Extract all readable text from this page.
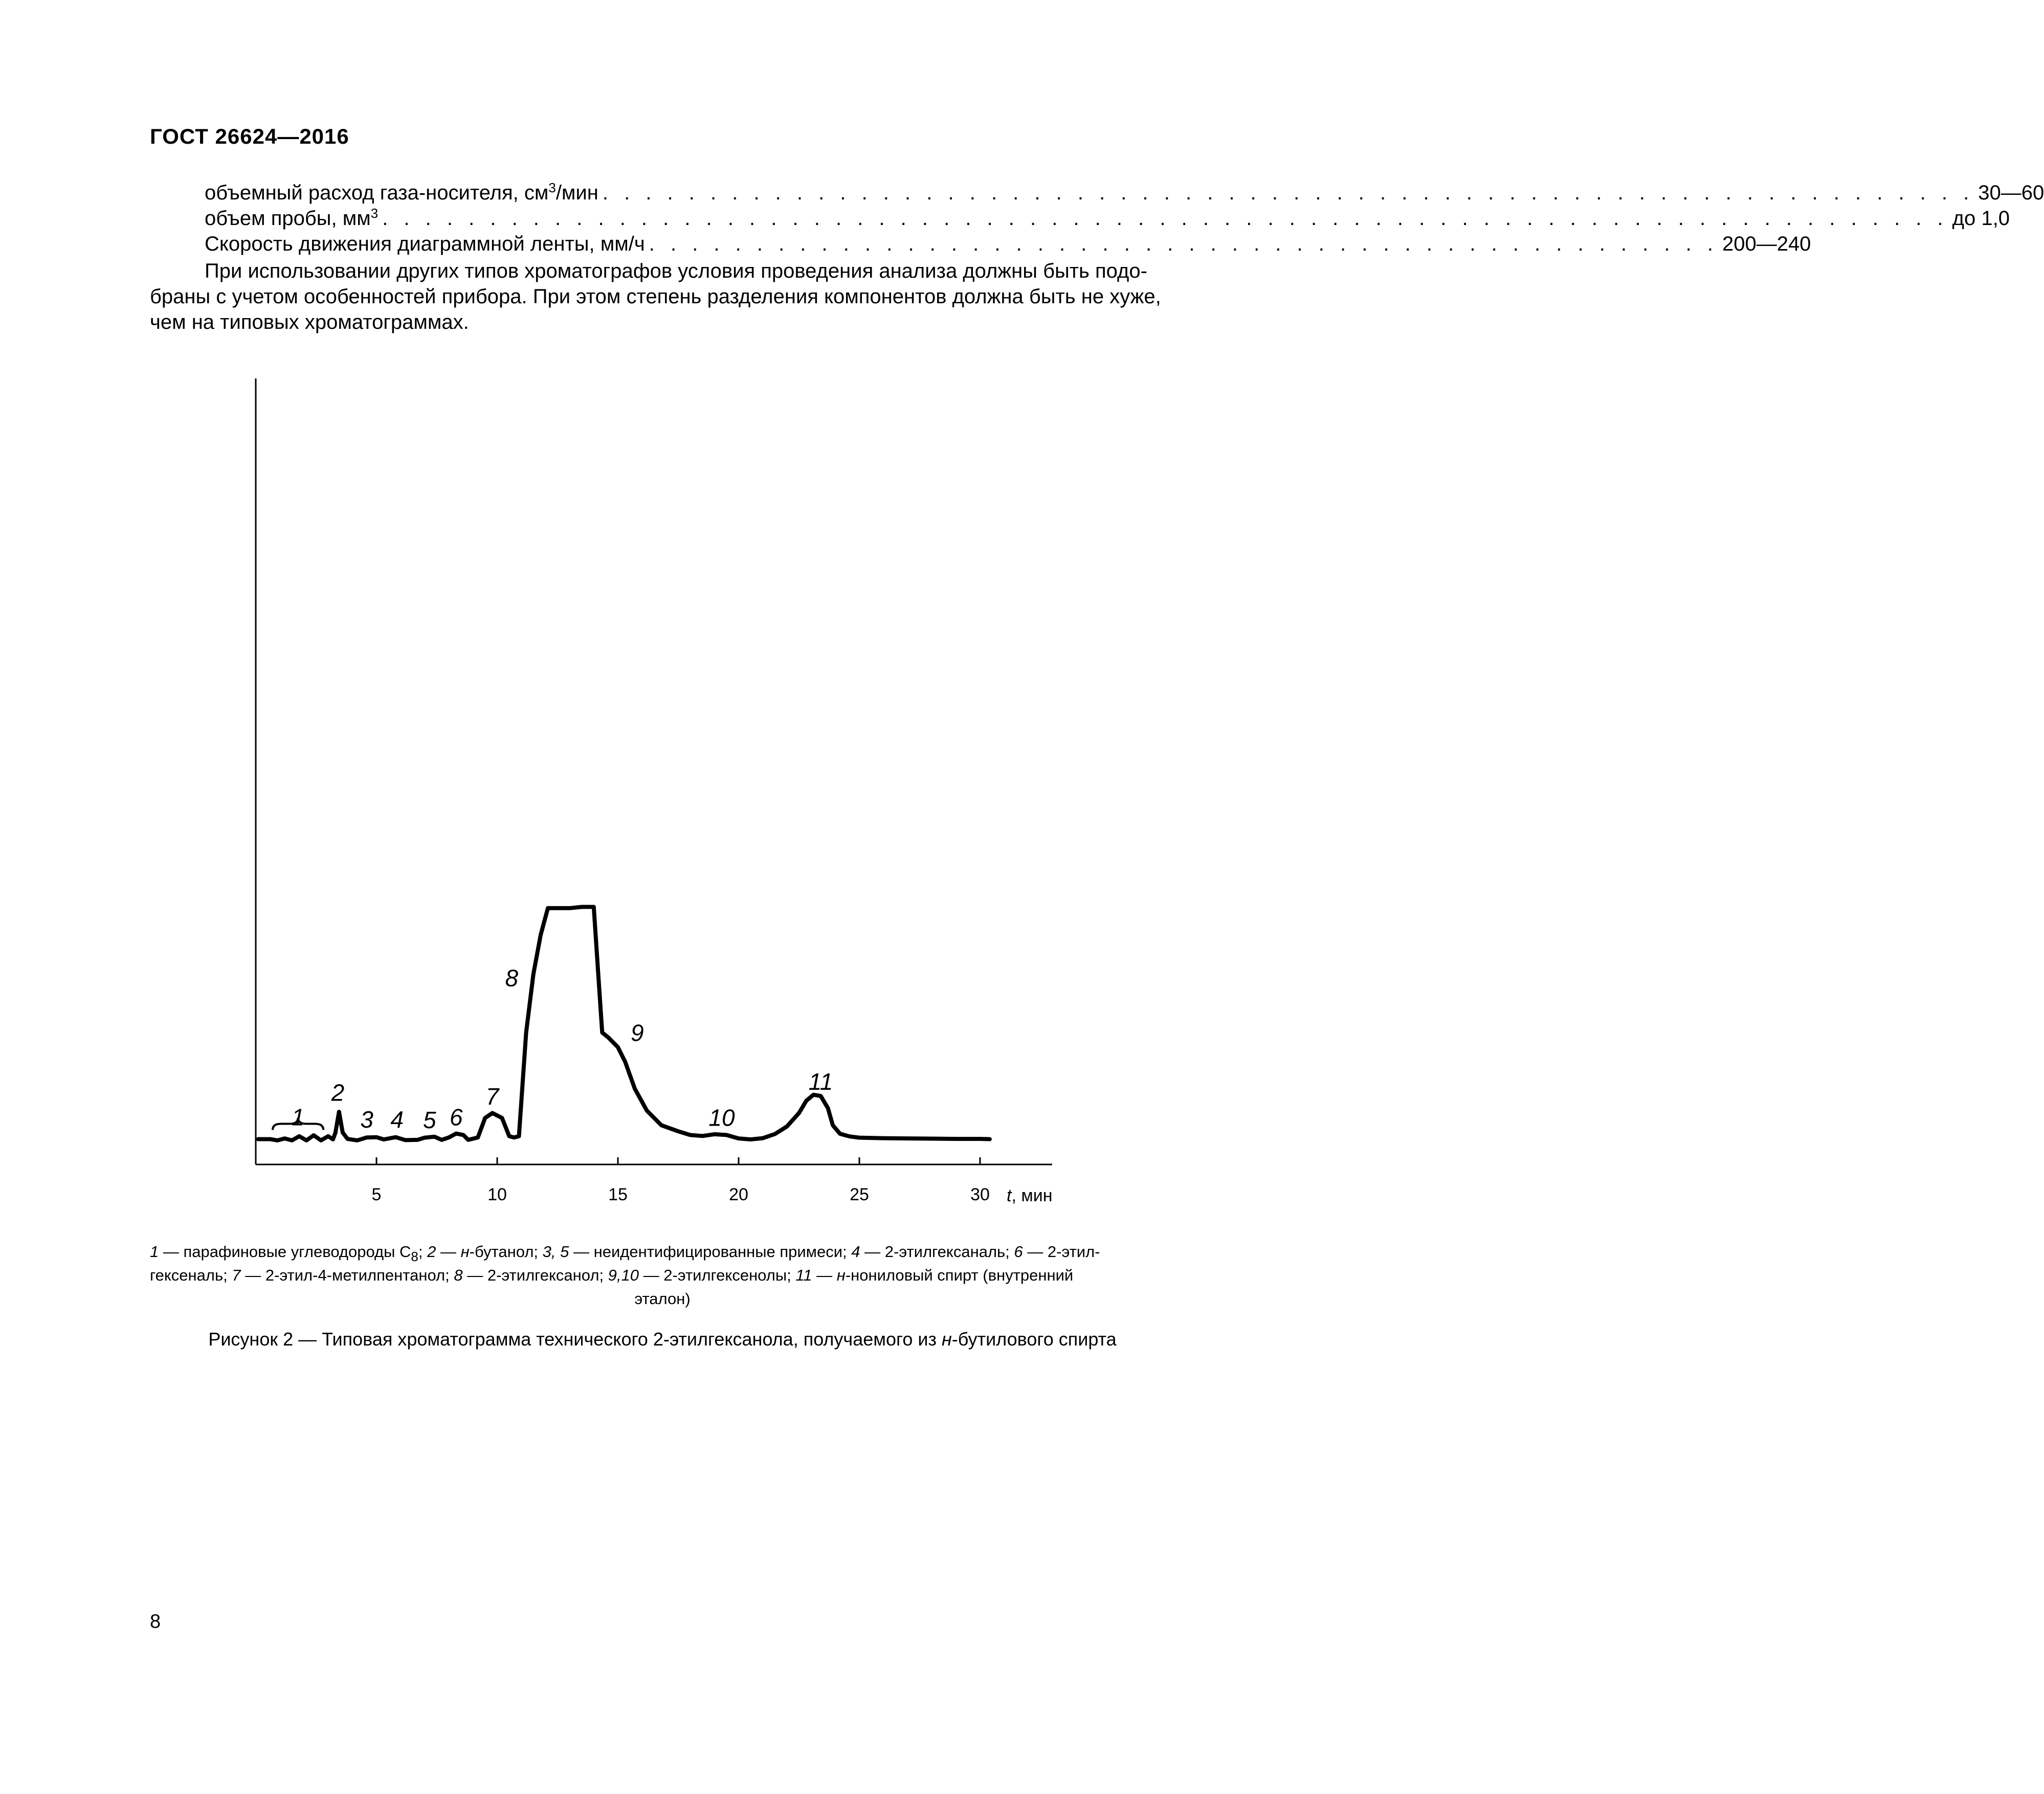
ГОСТ 26624—2016
объемный расход газа-носителя, $см^3$/мин . . . . . . . . . . . . . . . . . . . . . . . . . . . . . . . . . . . . . . . . . . . . . . . . . . . . . . . . . . . . . . . . 30—60
объем пробы, $мм^3$ . . . . . . . . . . . . . . . . . . . . . . . . . . . . . . . . . . . . . . . . . . . . . . . . . . . . . . . . . . . . . . . . . . . . . . . . . до 1,0
Скорость движения диаграммной ленты, мм/ч . . . . . . . . . . . . . . . . . . . . . . . . . . . . . . . . . . . . . . . . . . . . . . . . . . 200—240
При использовании других типов хроматографов условия проведения анализа должны быть подо-
браны с учетом особенностей прибора. При этом степень разделения компонентов должна быть не хуже,
чем на типовых хроматограммах.
5	10	15	20	25	30 t, мин
2
3 4 5 6
7
8
9
10
11
1
1 — парафиновые углеводороды $С_8$; 2 — н-бутанол; 3, 5 — неидентифицированные примеси; 4 — 2-этилгексаналь; 6 — 2-этил-
гексеналь; 7 — 2-этил-4-метилпентанол; 8 — 2-этилгексанол; 9,10 — 2-этилгексенолы; 11 — н-нониловый спирт (внутренний
эталон)
Рисунок 2 — Типовая хроматограмма технического 2-этилгексанола, получаемого из н-бутилового спирта
8
